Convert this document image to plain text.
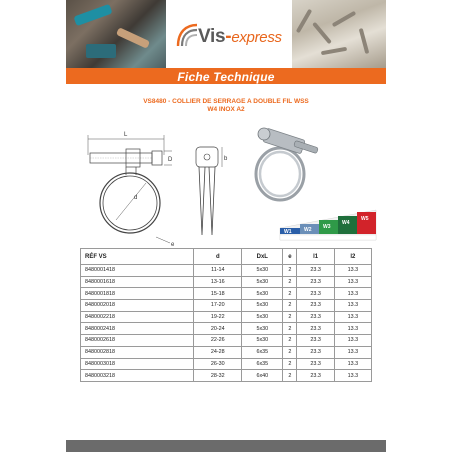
Vis-express
Fiche Technique
VS8480 - COLLIER DE SERRAGE A DOUBLE FIL WSS
W4 INOX A2
L
D
d
b
e
W1	W2 W3
W4
W5
RÉF VS	d	DxL	e	l1	l2
8480001418	11-14	5x30	2	23.3	13.3
8480001618	13-16	5x30	2	23.3	13.3
8480001818	15-18	5x30	2	23.3	13.3
8480002018	17-20	5x30	2	23.3	13.3
8480002218	19-22	5x30	2	23.3	13.3
8480002418	20-24	5x30	2	23.3	13.3
8480002618	22-26	5x30	2	23.3	13.3
8480002818	24-28	6x35	2	23.3	13.3
8480003018	26-30	6x35	2	23.3	13.3
8480003218	28-32	6x40	2	23.3	13.3
